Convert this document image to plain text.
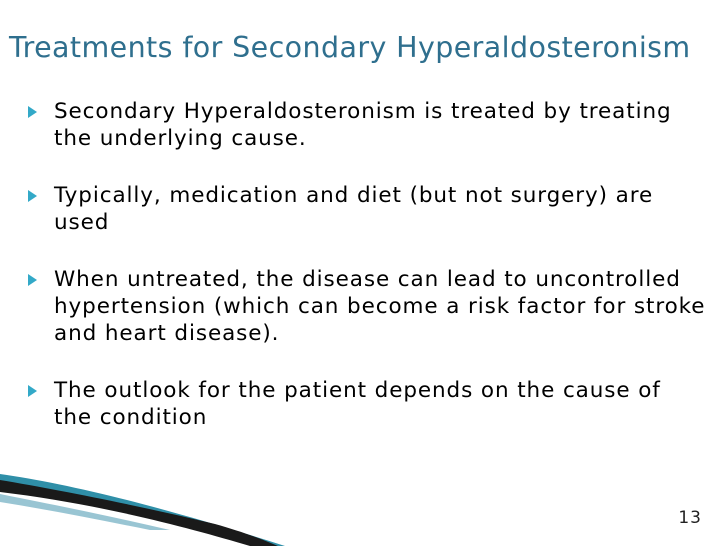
Treatments for Secondary Hyperaldosteronism
Secondary Hyperaldosteronism is treated by treating the underlying cause.
Typically, medication and diet (but not surgery) are used
When untreated, the disease can lead to uncontrolled hypertension (which can become a risk factor for stroke and heart disease).
The outlook for the patient depends on the cause of the condition
13
